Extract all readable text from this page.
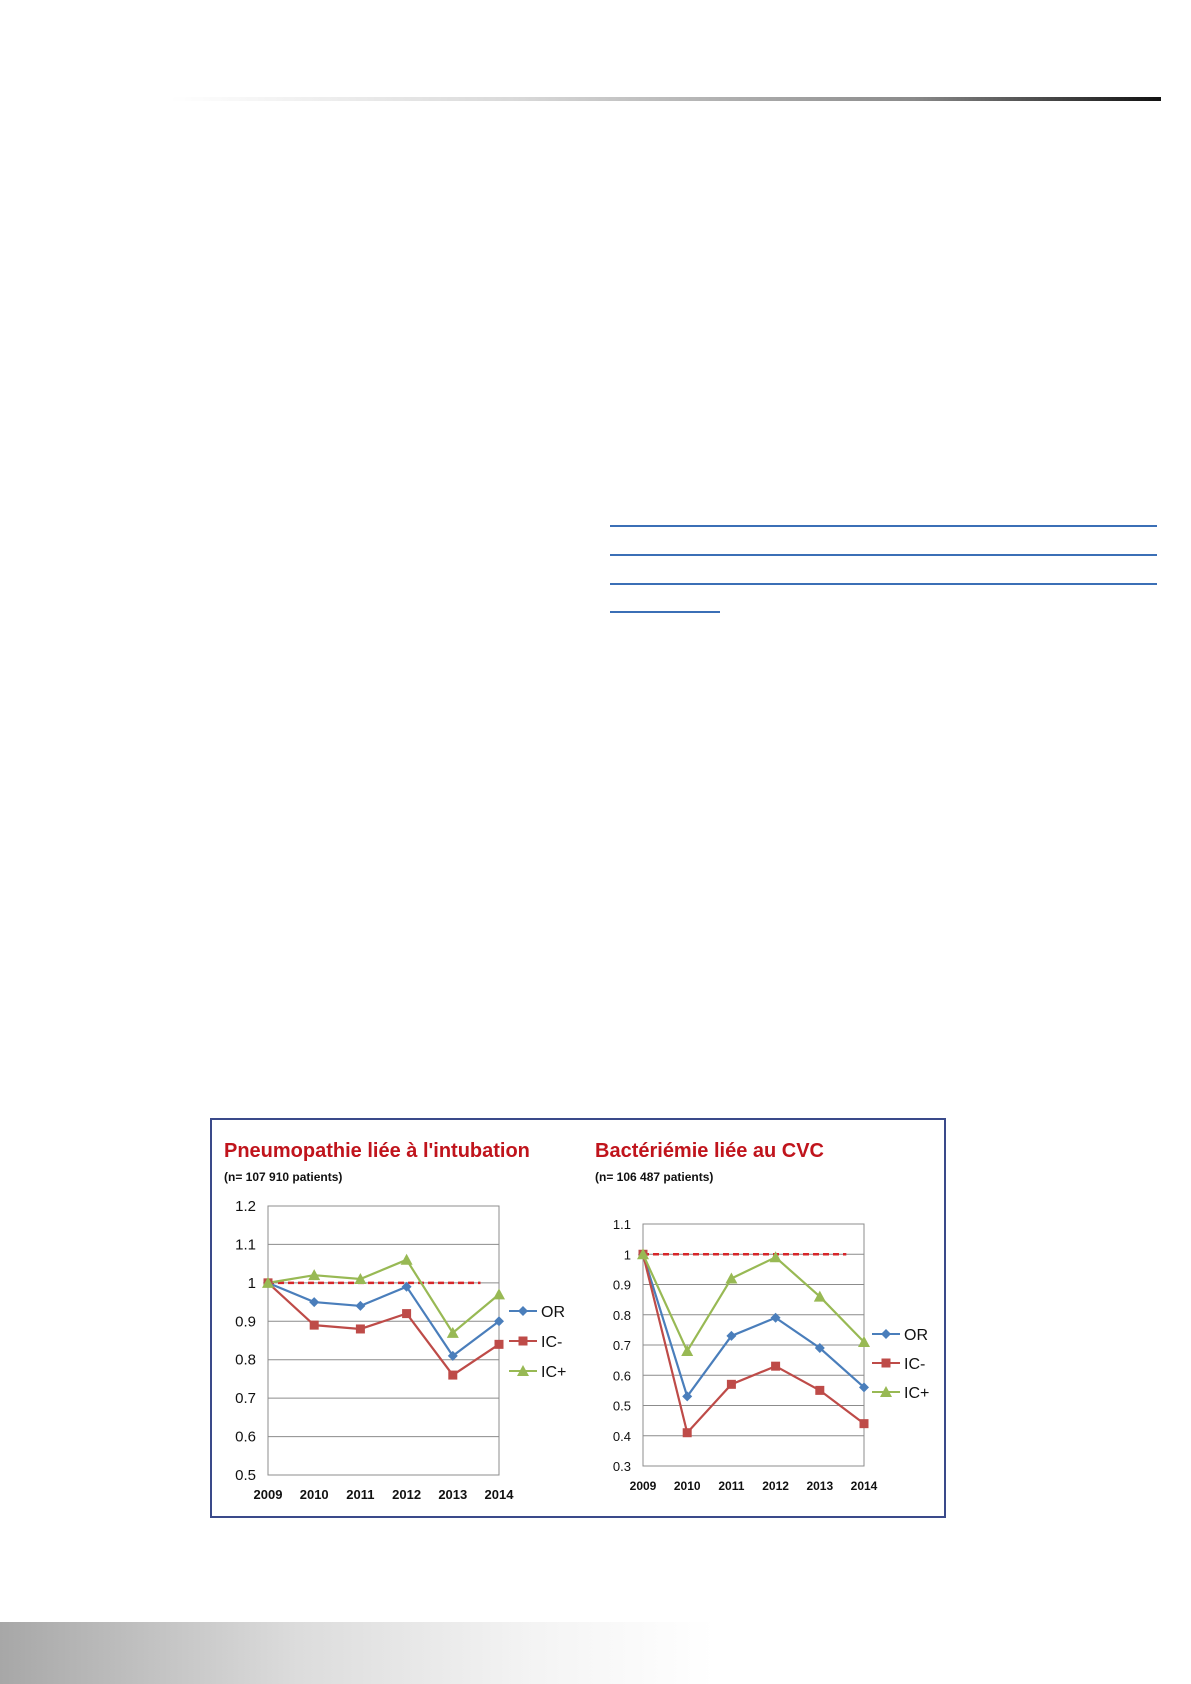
Pneumopathie liée à l'intubation
(n= 107 910 patients)
Bactériémie liée au CVC
(n= 106 487 patients)
0.5
0.6
0.7
0.8
0.9
1
1.1
1.2
2009 2010 2011 2012 2013 2014
OR
IC-
IC+
0.3
0.4
0.5
0.6
0.7
0.8
0.9
1
1.1
2009 2010 2011 2012 2013 2014
OR
IC-
IC+
